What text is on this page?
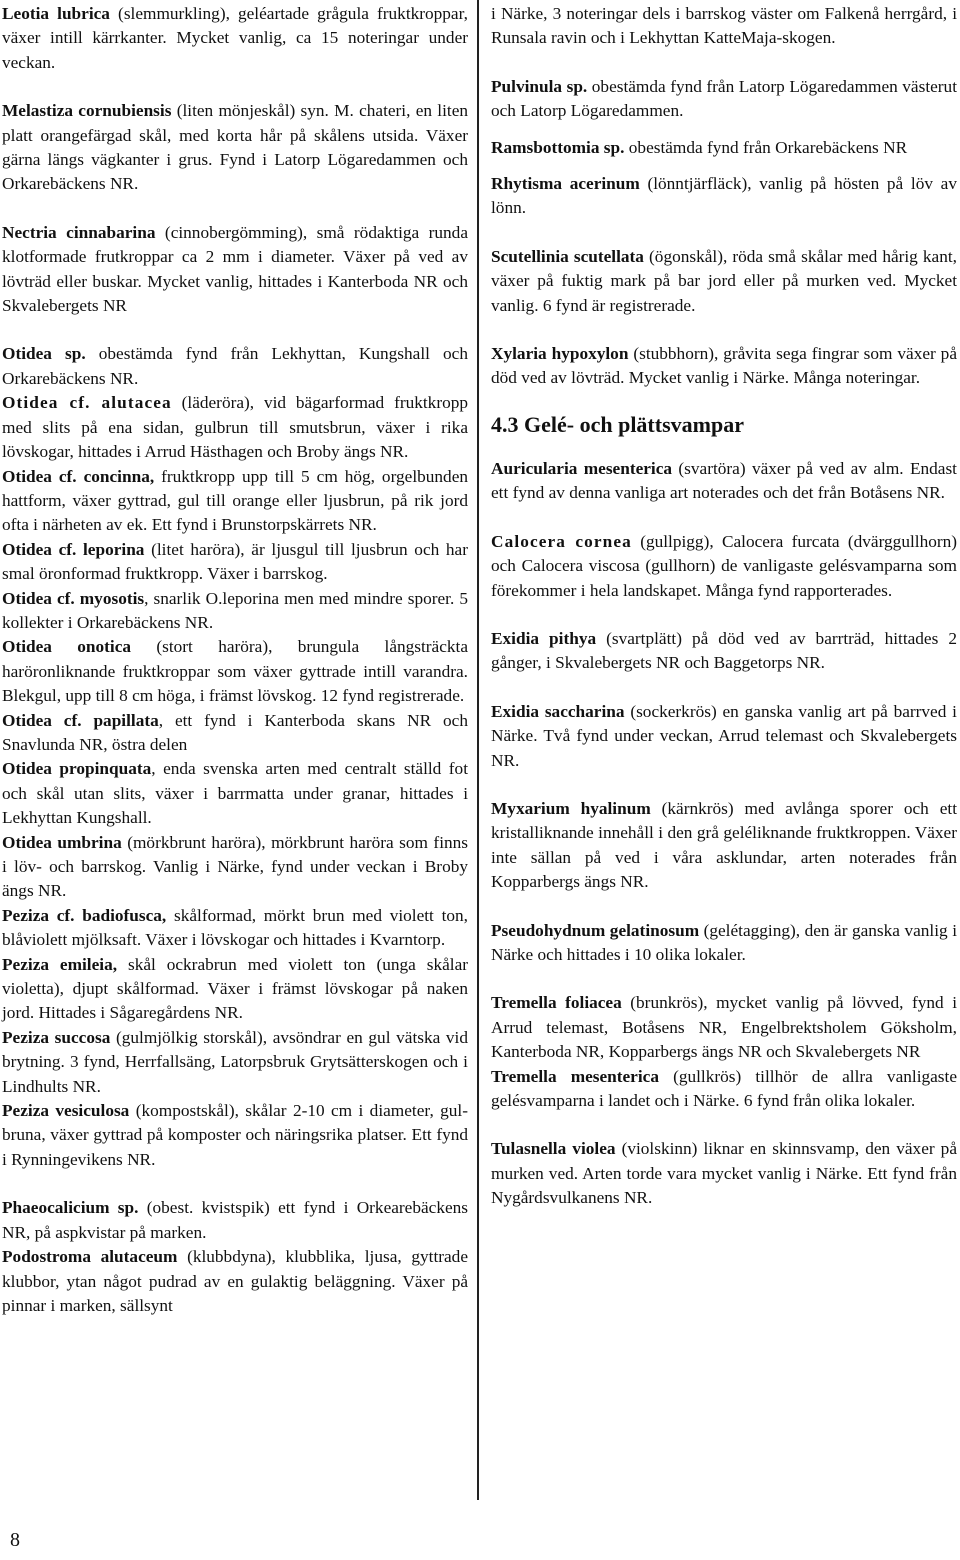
Leotia lubrica (slemmurkling), geléartade grågula fruktkroppar, växer intill kärrkanter. Mycket vanlig, ca 15 noteringar under veckan.

Melastiza cornubiensis (liten mönjeskål) syn. M. chateri, en liten platt orangefärgad skål, med korta hår på skålens utsida. Växer gärna längs vägkanter i grus. Fynd i Latorp Lögaredammen och Orkarebäckens NR.

Nectria cinnabarina (cinnobergömming), små rödaktiga runda klotformade frutkroppar ca 2 mm i diameter. Växer på ved av lövträd eller buskar. Mycket vanlig, hittades i Kanterboda NR och Skvalebergets NR

Otidea sp. obestämda fynd från Lekhyttan, Kungshall och Orkarebäckens NR.

Otidea cf. alutacea (läderöra), vid bägarformad fruktkropp med slits på ena sidan, gulbrun till smutsbrun, växer i rika lövskogar, hittades i Arrud Hästhagen och Broby ängs NR.

Otidea cf. concinna, fruktkropp upp till 5 cm hög, orgelbunden hattform, växer gyttrad, gul till orange eller ljusbrun, på rik jord ofta i närheten av ek. Ett fynd i Brunstorpskärrets NR.

Otidea cf. leporina (litet haröra), är ljusgul till ljusbrun och har smal öronformad fruktkropp. Växer i barrskog.

Otidea cf. myosotis, snarlik O.leporina men med mindre sporer. 5 kollekter i Orkarebäckens NR.

Otidea onotica (stort haröra), brungula långsträckta haröronliknande fruktkroppar som växer gyttrade intill varandra. Blekgul, upp till 8 cm höga, i främst lövskog. 12 fynd registrerade.

Otidea cf. papillata, ett fynd i Kanterboda skans NR och Snavlunda NR, östra delen

Otidea propinquata, enda svenska arten med centralt ställd fot och skål utan slits, växer i barrmatta under granar, hittades i Lekhyttan Kungshall.

Otidea umbrina (mörkbrunt haröra), mörkbrunt haröra som finns i löv- och barrskog. Vanlig i Närke, fynd under veckan i Broby ängs NR.

Peziza cf. badiofusca, skålformad, mörkt brun med violett ton, blåviolett mjölksaft. Växer i lövskogar och hittades i Kvarntorp.

Peziza emileia, skål ockrabrun med violett ton (unga skålar violetta), djupt skålformad. Växer i främst lövskogar på naken jord. Hittades i Sågaregårdens NR.

Peziza succosa (gulmjölkig storskål), avsöndrar en gul vätska vid brytning. 3 fynd, Herrfallsäng, Latorpsbruk Grytsätterskogen och i Lindhults NR.

Peziza vesiculosa (kompostskål), skålar 2-10 cm i diameter, gul-bruna, växer gyttrad på komposter och näringsrika platser. Ett fynd i Rynningevikens NR.

Phaeocalicium sp. (obest. kvistspik) ett fynd i Orkearebäckens NR, på aspkvistar på marken.

Podostroma alutaceum (klubbdyna), klubblika, ljusa, gyttrade klubbor, ytan något pudrad av en gulaktig beläggning. Växer på pinnar i marken, sällsynt

i Närke, 3 noteringar dels i barrskog väster om Falkenå herrgård, i Runsala ravin och i Lekhyttan KatteMaja-skogen.

Pulvinula sp. obestämda fynd från Latorp Lögaredammen västerut och Latorp Lögaredammen.

Ramsbottomia sp. obestämda fynd från Orkarebäckens NR

Rhytisma acerinum (lönntjärfläck), vanlig på hösten på löv av lönn.

Scutellinia scutellata (ögonskål), röda små skålar med hårig kant, växer på fuktig mark på bar jord eller på murken ved. Mycket vanlig. 6 fynd är registrerade.

Xylaria hypoxylon (stubbhorn), gråvita sega fingrar som växer på död ved av lövträd. Mycket vanlig i Närke. Många noteringar.

4.3 Gelé- och plättsvampar

Auricularia mesenterica (svartöra) växer på ved av alm. Endast ett fynd av denna vanliga art noterades och det från Botåsens NR.

Calocera cornea (gullpigg), Calocera furcata (dvärggullhorn) och Calocera viscosa (gullhorn) de vanligaste gelésvamparna som förekommer i hela landskapet. Många fynd rapporterades.

Exidia pithya (svartplätt) på död ved av barrträd, hittades 2 gånger, i Skvalebergets NR och Baggetorps NR.

Exidia saccharina (sockerkrös) en ganska vanlig art på barrved i Närke. Två fynd under veckan, Arrud telemast och Skvalebergets NR.

Myxarium hyalinum (kärnkrös) med avlånga sporer och ett kristalliknande innehåll i den grå geléliknande fruktkroppen. Växer inte sällan på ved i våra asklundar, arten noterades från Kopparbergs ängs NR.

Pseudohydnum gelatinosum (gelétagging), den är ganska vanlig i Närke och hittades i 10 olika lokaler.

Tremella foliacea (brunkrös), mycket vanlig på lövved, fynd i Arrud telemast, Botåsens NR, Engelbrektsholem Göksholm, Kanterboda NR, Kopparbergs ängs NR och Skvalebergets NR

Tremella mesenterica (gullkrös) tillhör de allra vanligaste gelésvamparna i landet och i Närke. 6 fynd från olika lokaler.

Tulasnella violea (violskinn) liknar en skinnsvamp, den växer på murken ved. Arten torde vara mycket vanlig i Närke. Ett fynd från Nygårdsvulkanens NR.

8
